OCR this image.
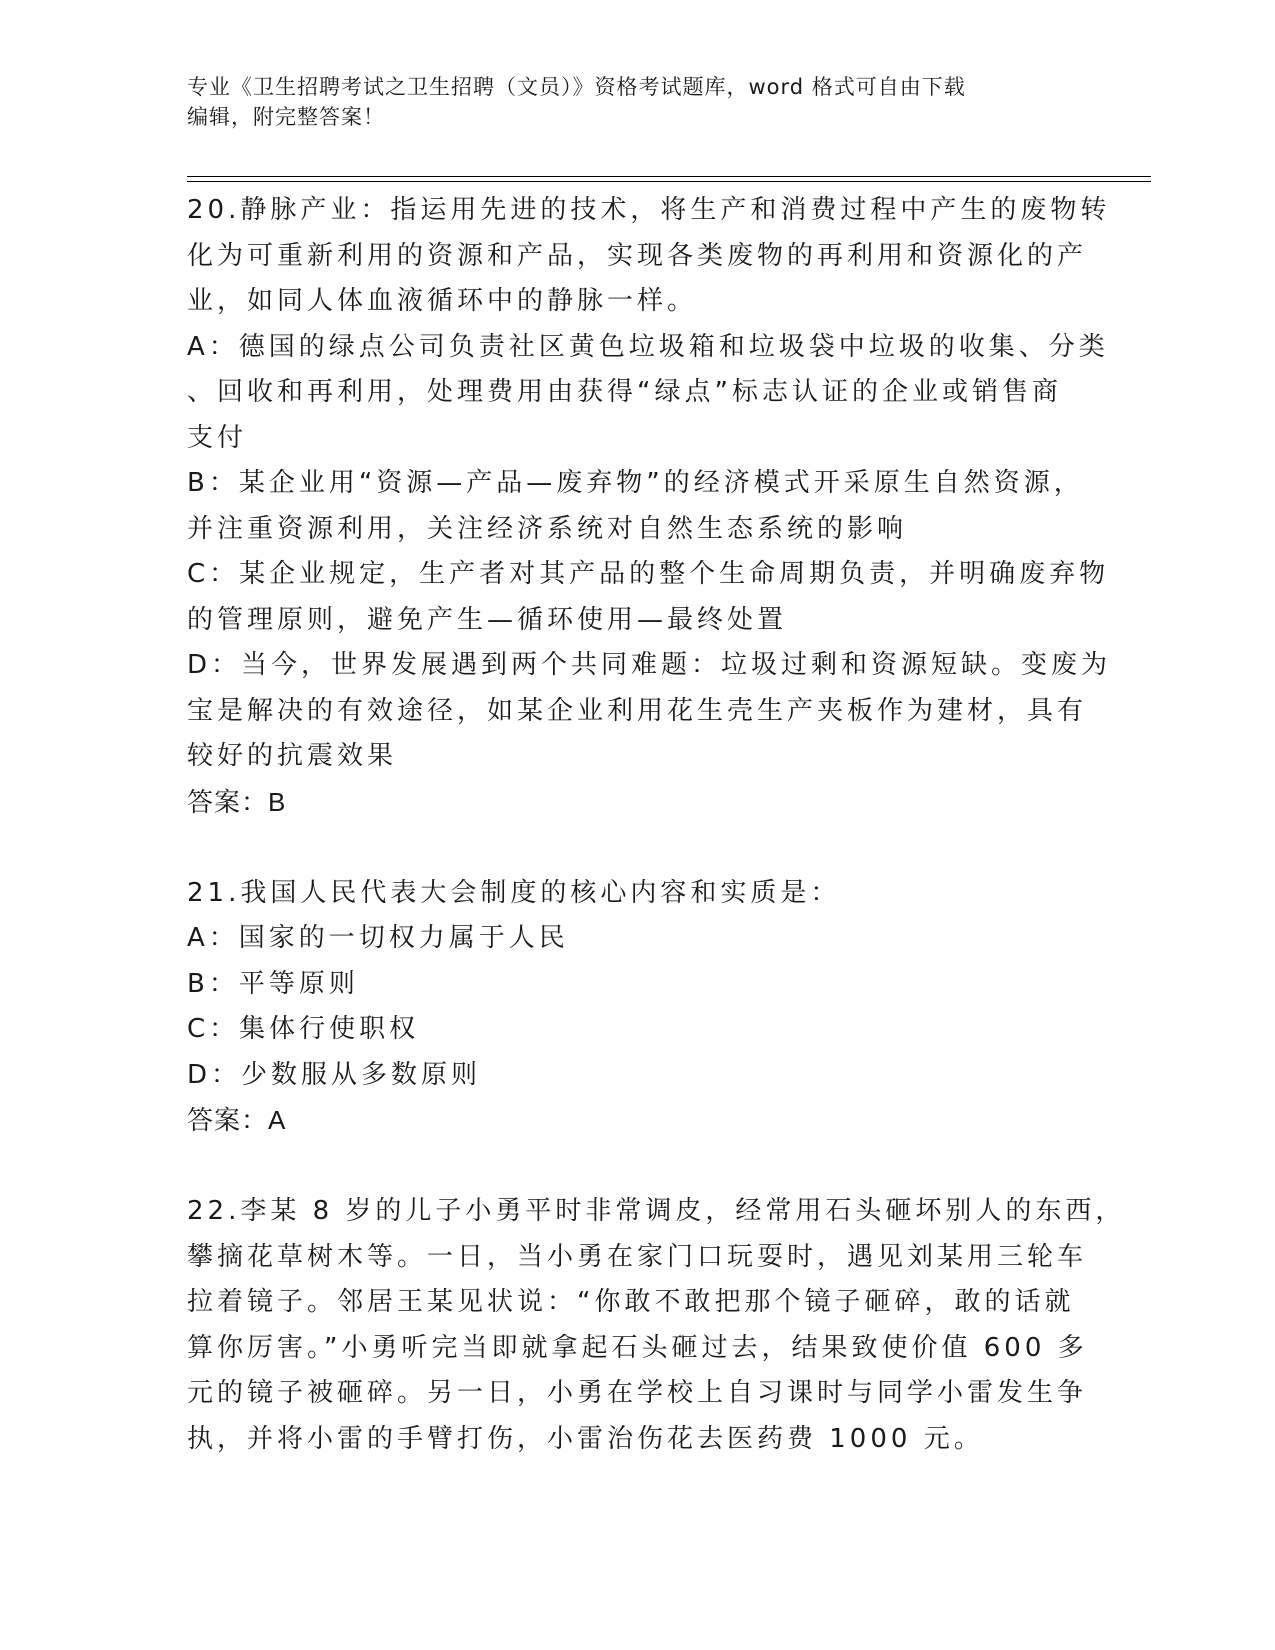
专业《卫生招聘考试之卫生招聘（文员）》资格考试题库，word 格式可自由下载
编辑，附完整答案！
20.静脉产业：指运用先进的技术，将生产和消费过程中产生的废物转
化为可重新利用的资源和产品，实现各类废物的再利用和资源化的产
业，如同人体血液循环中的静脉一样。
A：德国的绿点公司负责社区黄色垃圾箱和垃圾袋中垃圾的收集、分类
、回收和再利用，处理费用由获得“绿点”标志认证的企业或销售商
支付
B：某企业用“资源—产品—废弃物”的经济模式开采原生自然资源，
并注重资源利用，关注经济系统对自然生态系统的影响
C：某企业规定，生产者对其产品的整个生命周期负责，并明确废弃物
的管理原则，避免产生—循环使用—最终处置
D：当今，世界发展遇到两个共同难题：垃圾过剩和资源短缺。变废为
宝是解决的有效途径，如某企业利用花生壳生产夹板作为建材，具有
较好的抗震效果
答案：B
21.我国人民代表大会制度的核心内容和实质是：
A：国家的一切权力属于人民
B：平等原则
C：集体行使职权
D：少数服从多数原则
答案：A
22.李某 8 岁的儿子小勇平时非常调皮，经常用石头砸坏别人的东西，
攀摘花草树木等。一日，当小勇在家门口玩耍时，遇见刘某用三轮车
拉着镜子。邻居王某见状说：“你敢不敢把那个镜子砸碎，敢的话就
算你厉害。”小勇听完当即就拿起石头砸过去，结果致使价值 600 多
元的镜子被砸碎。另一日，小勇在学校上自习课时与同学小雷发生争
执，并将小雷的手臂打伤，小雷治伤花去医药费 1000 元。
